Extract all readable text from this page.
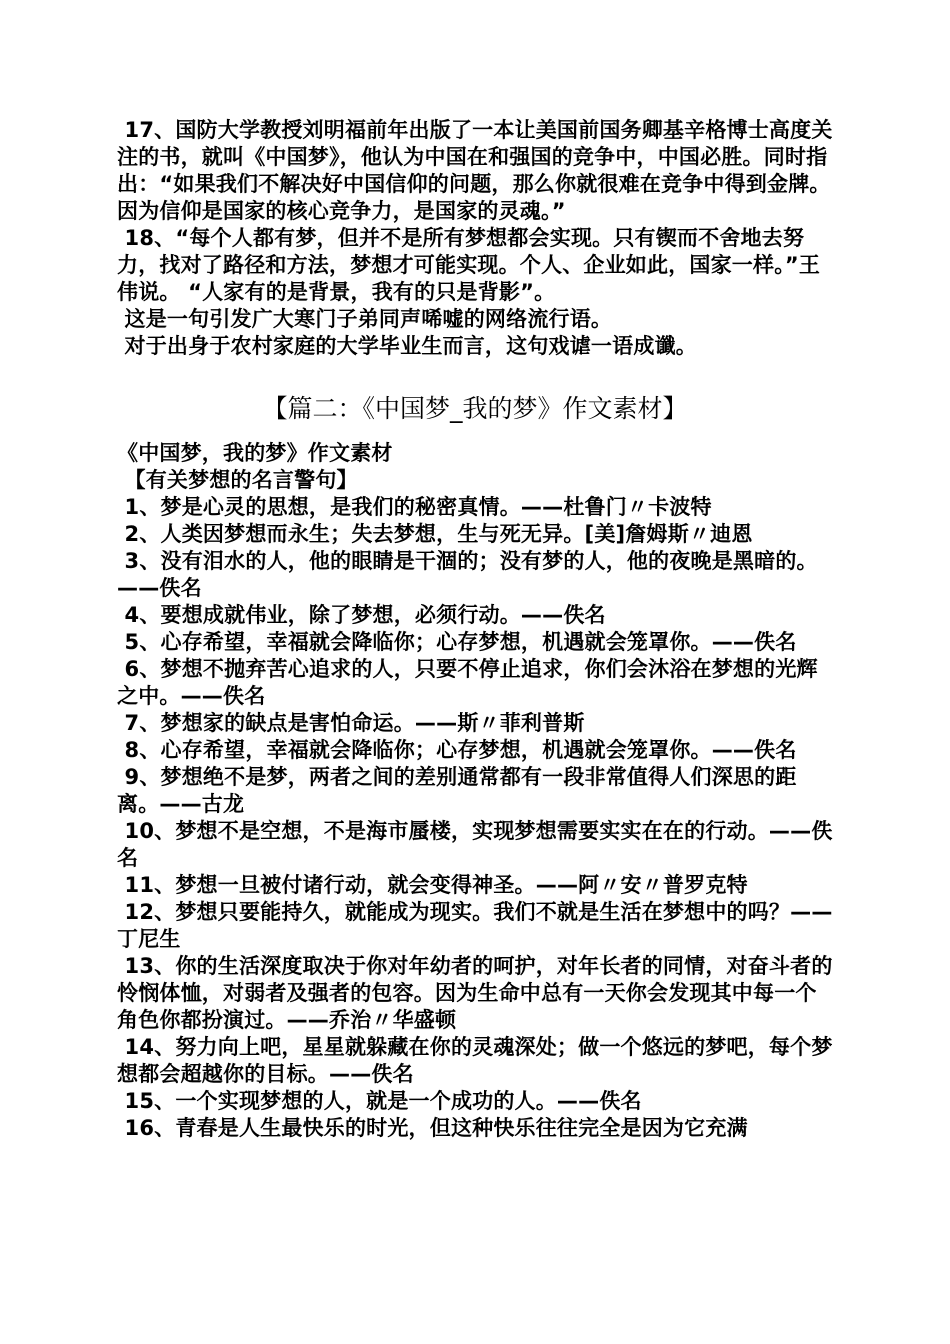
17、国防大学教授刘明福前年出版了一本让美国前国务卿基辛格博士高度关注的书，就叫《中国梦》，他认为中国在和强国的竞争中，中国必胜。同时指出：“如果我们不解决好中国信仰的问题，那么你就很难在竞争中得到金牌。因为信仰是国家的核心竞争力，是国家的灵魂。”

18、“每个人都有梦，但并不是所有梦想都会实现。只有锲而不舍地去努力，找对了路径和方法，梦想才可能实现。个人、企业如此，国家一样。”王伟说。 “人家有的是背景，我有的只是背影”。

这是一句引发广大寒门子弟同声唏嘘的网络流行语。

对于出身于农村家庭的大学毕业生而言，这句戏谑一语成谶。

【篇二：《中国梦_我的梦》作文素材】

《中国梦，我的梦》作文素材

【有关梦想的名言警句】

1、梦是心灵的思想，是我们的秘密真情。——杜鲁门〃卡波特

2、人类因梦想而永生；失去梦想，生与死无异。[美]詹姆斯〃迪恩

3、没有泪水的人，他的眼睛是干涸的；没有梦的人，他的夜晚是黑暗的。——佚名

4、要想成就伟业，除了梦想，必须行动。——佚名

5、心存希望，幸福就会降临你；心存梦想，机遇就会笼罩你。——佚名

6、梦想不抛弃苦心追求的人，只要不停止追求，你们会沐浴在梦想的光辉之中。——佚名

7、梦想家的缺点是害怕命运。——斯〃菲利普斯

8、心存希望，幸福就会降临你；心存梦想，机遇就会笼罩你。——佚名

9、梦想绝不是梦，两者之间的差别通常都有一段非常值得人们深思的距离。——古龙

10、梦想不是空想，不是海市蜃楼，实现梦想需要实实在在的行动。——佚名

11、梦想一旦被付诸行动，就会变得神圣。——阿〃安〃普罗克特

12、梦想只要能持久，就能成为现实。我们不就是生活在梦想中的吗？——丁尼生

13、你的生活深度取决于你对年幼者的呵护，对年长者的同情，对奋斗者的怜悯体恤，对弱者及强者的包容。因为生命中总有一天你会发现其中每一个角色你都扮演过。——乔治〃华盛顿

14、努力向上吧，星星就躲藏在你的灵魂深处；做一个悠远的梦吧，每个梦想都会超越你的目标。——佚名

15、一个实现梦想的人，就是一个成功的人。——佚名

16、青春是人生最快乐的时光，但这种快乐往往完全是因为它充满
